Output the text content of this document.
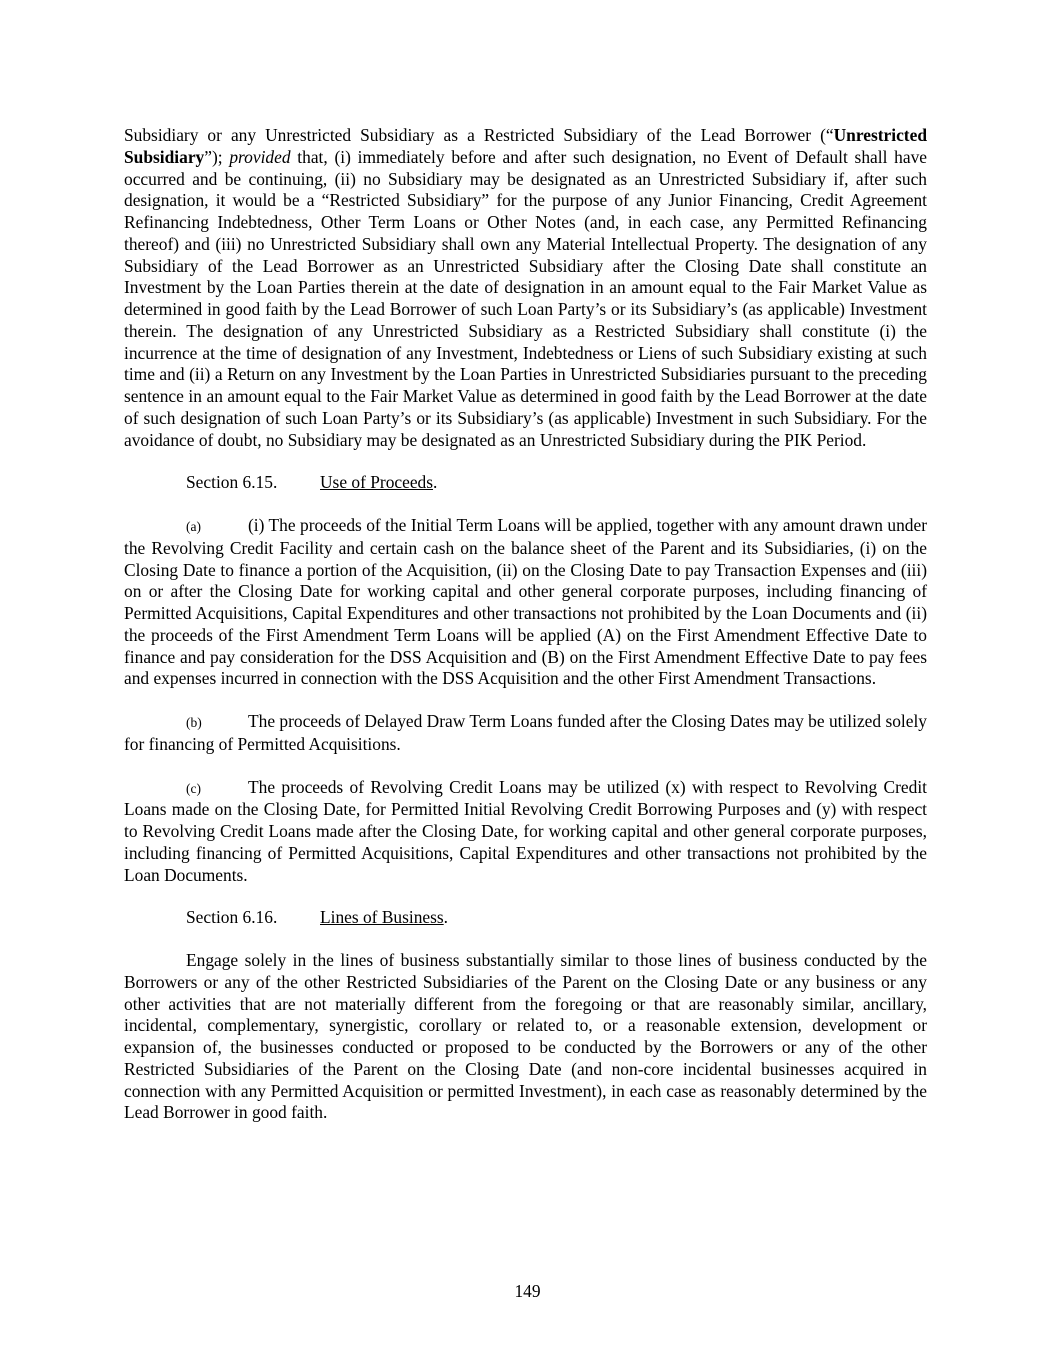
Subsidiary or any Unrestricted Subsidiary as a Restricted Subsidiary of the Lead Borrower (“Unrestricted Subsidiary”); provided that, (i) immediately before and after such designation, no Event of Default shall have occurred and be continuing, (ii) no Subsidiary may be designated as an Unrestricted Subsidiary if, after such designation, it would be a “Restricted Subsidiary” for the purpose of any Junior Financing, Credit Agreement Refinancing Indebtedness, Other Term Loans or Other Notes (and, in each case, any Permitted Refinancing thereof) and (iii) no Unrestricted Subsidiary shall own any Material Intellectual Property. The designation of any Subsidiary of the Lead Borrower as an Unrestricted Subsidiary after the Closing Date shall constitute an Investment by the Loan Parties therein at the date of designation in an amount equal to the Fair Market Value as determined in good faith by the Lead Borrower of such Loan Party’s or its Subsidiary’s (as applicable) Investment therein. The designation of any Unrestricted Subsidiary as a Restricted Subsidiary shall constitute (i) the incurrence at the time of designation of any Investment, Indebtedness or Liens of such Subsidiary existing at such time and (ii) a Return on any Investment by the Loan Parties in Unrestricted Subsidiaries pursuant to the preceding sentence in an amount equal to the Fair Market Value as determined in good faith by the Lead Borrower at the date of such designation of such Loan Party’s or its Subsidiary’s (as applicable) Investment in such Subsidiary. For the avoidance of doubt, no Subsidiary may be designated as an Unrestricted Subsidiary during the PIK Period.

Section 6.15. Use of Proceeds.

(a)	(i) The proceeds of the Initial Term Loans will be applied, together with any amount drawn under the Revolving Credit Facility and certain cash on the balance sheet of the Parent and its Subsidiaries, (i) on the Closing Date to finance a portion of the Acquisition, (ii) on the Closing Date to pay Transaction Expenses and (iii) on or after the Closing Date for working capital and other general corporate purposes, including financing of Permitted Acquisitions, Capital Expenditures and other transactions not prohibited by the Loan Documents and (ii) the proceeds of the First Amendment Term Loans will be applied (A) on the First Amendment Effective Date to finance and pay consideration for the DSS Acquisition and (B) on the First Amendment Effective Date to pay fees and expenses incurred in connection with the DSS Acquisition and the other First Amendment Transactions.

(b)	The proceeds of Delayed Draw Term Loans funded after the Closing Dates may be utilized solely for financing of Permitted Acquisitions.

(c)	The proceeds of Revolving Credit Loans may be utilized (x) with respect to Revolving Credit Loans made on the Closing Date, for Permitted Initial Revolving Credit Borrowing Purposes and (y) with respect to Revolving Credit Loans made after the Closing Date, for working capital and other general corporate purposes, including financing of Permitted Acquisitions, Capital Expenditures and other transactions not prohibited by the Loan Documents.

Section 6.16. Lines of Business.

Engage solely in the lines of business substantially similar to those lines of business conducted by the Borrowers or any of the other Restricted Subsidiaries of the Parent on the Closing Date or any business or any other activities that are not materially different from the foregoing or that are reasonably similar, ancillary, incidental, complementary, synergistic, corollary or related to, or a reasonable extension, development or expansion of, the businesses conducted or proposed to be conducted by the Borrowers or any of the other Restricted Subsidiaries of the Parent on the Closing Date (and non-core incidental businesses acquired in connection with any Permitted Acquisition or permitted Investment), in each case as reasonably determined by the Lead Borrower in good faith.

149
